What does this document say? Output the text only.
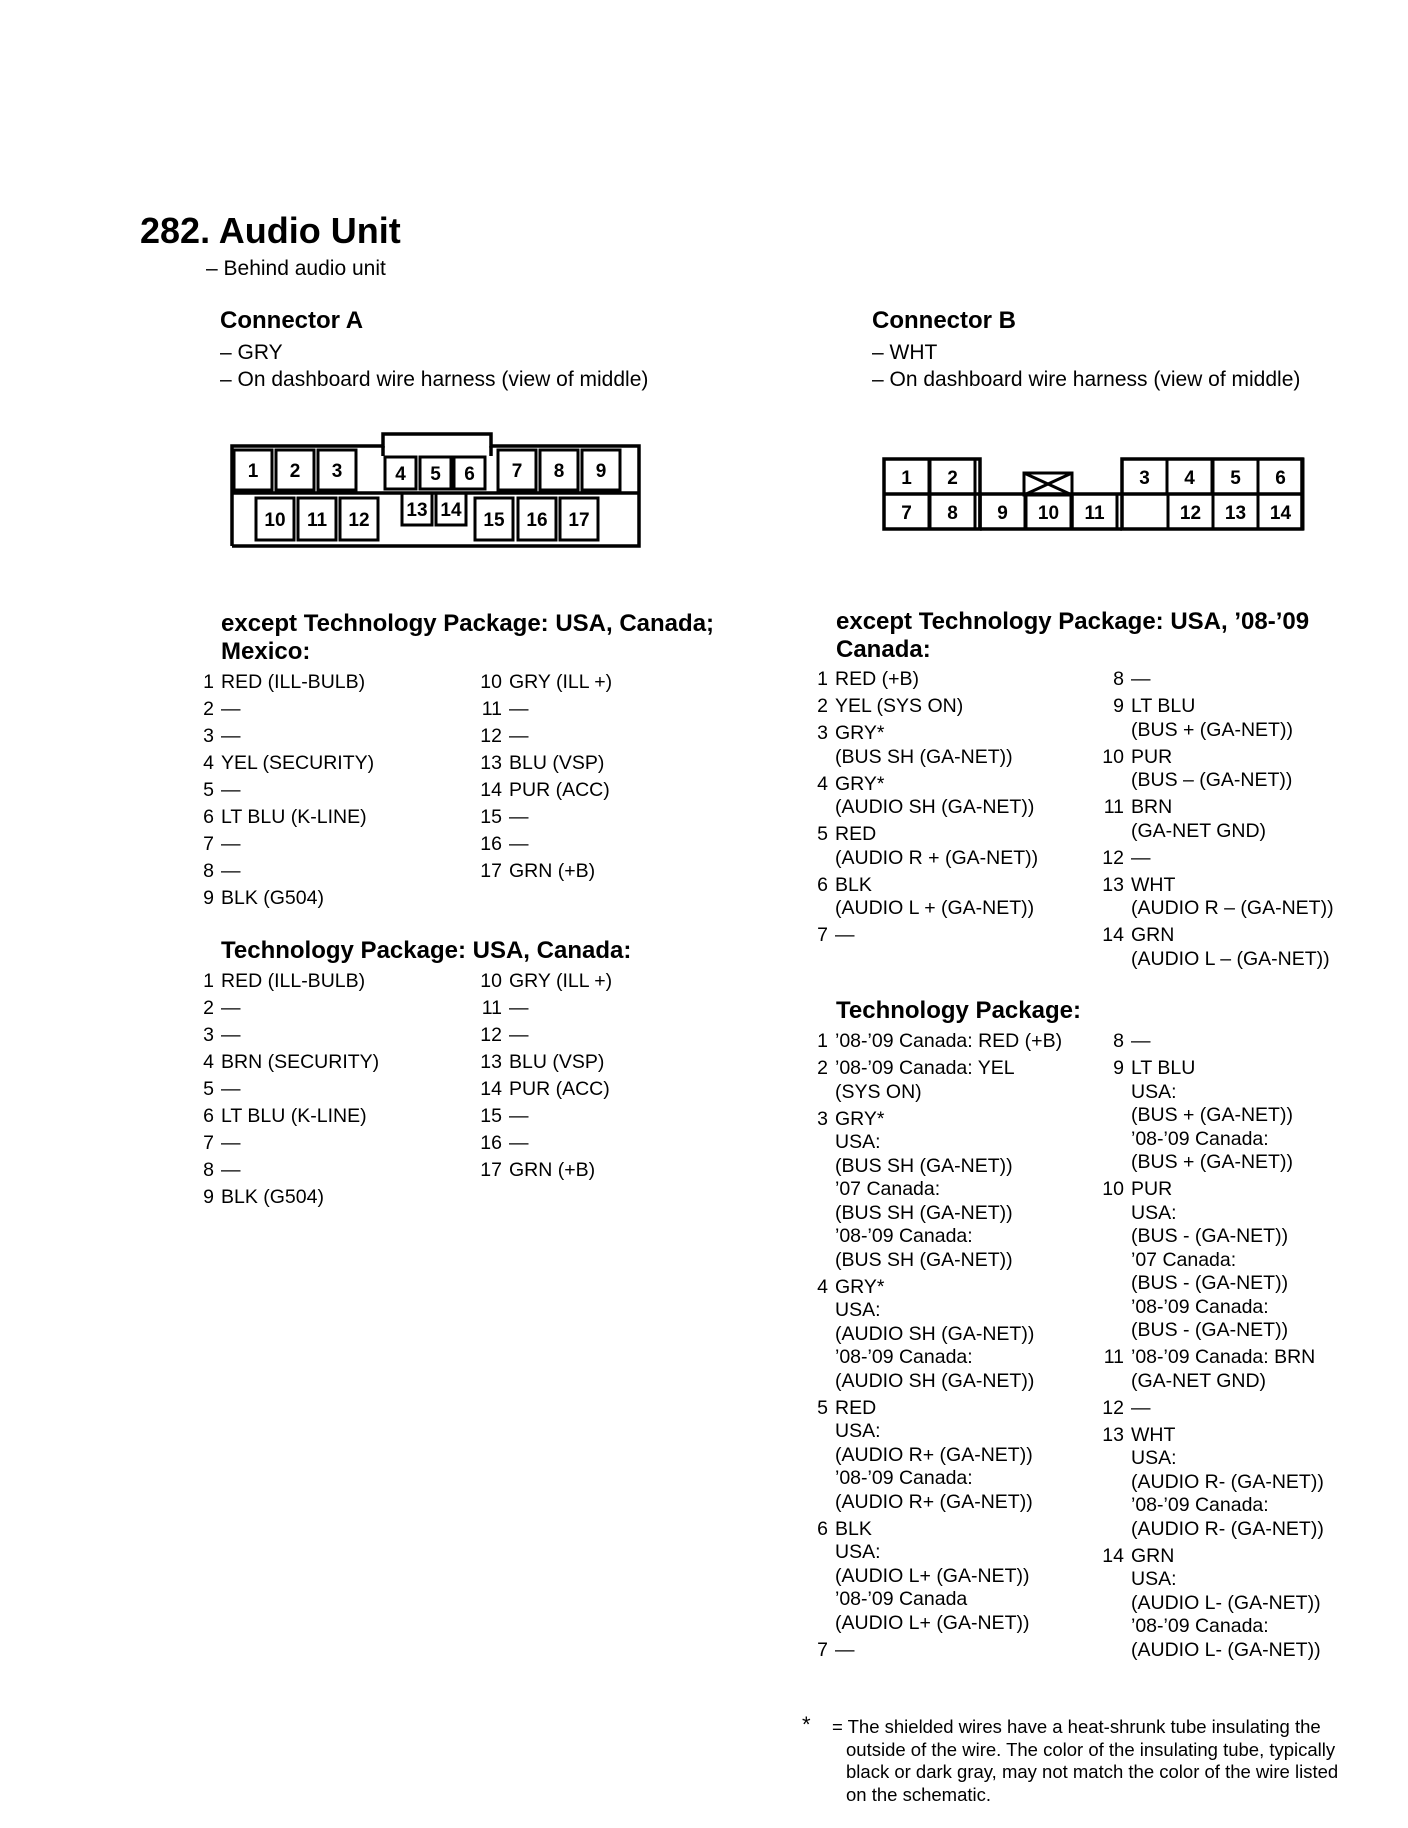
282. Audio Unit
– Behind audio unit
Connector A
– GRY
– On dashboard wire harness (view of middle)
Connector B
– WHT
– On dashboard wire harness (view of middle)
1 2 3	4 5 6 7 8 9
10 11 12 13 14 15 16 17
1 2	3 4 5 6
7 8 9 10 11	12 13 14
except Technology Package: USA, Canada; Mexico:
1 RED (ILL-BULB)
2 —
3 —
4 YEL (SECURITY)
5 —
6 LT BLU (K-LINE)
7 —
8 —
9 BLK (G504)
10 GRY (ILL +)
11 —
12 —
13 BLU (VSP)
14 PUR (ACC)
15 —
16 —
17 GRN (+B)
Technology Package: USA, Canada:
1 RED (ILL-BULB)
2 —
3 —
4 BRN (SECURITY)
5 —
6 LT BLU (K-LINE)
7 —
8 —
9 BLK (G504)
10 GRY (ILL +)
11 —
12 —
13 BLU (VSP)
14 PUR (ACC)
15 —
16 —
17 GRN (+B)
except Technology Package: USA, ’08-’09 Canada:
1 RED (+B)
2 YEL (SYS ON)
3 GRY*
(BUS SH (GA-NET))
4 GRY*
(AUDIO SH (GA-NET))
5 RED
(AUDIO R + (GA-NET))
6 BLK
(AUDIO L + (GA-NET))
7 —
8 —
9 LT BLU
(BUS + (GA-NET))
10 PUR
(BUS – (GA-NET))
11 BRN
(GA-NET GND)
12 —
13 WHT
(AUDIO R – (GA-NET))
14 GRN
(AUDIO L – (GA-NET))
Technology Package:
1 ’08-’09 Canada: RED (+B)
2 ’08-’09 Canada: YEL
(SYS ON)
3 GRY*
USA:
(BUS SH (GA-NET))
’07 Canada:
(BUS SH (GA-NET))
’08-’09 Canada:
(BUS SH (GA-NET))
4 GRY*
USA:
(AUDIO SH (GA-NET))
’08-’09 Canada:
(AUDIO SH (GA-NET))
5 RED
USA:
(AUDIO R+ (GA-NET))
’08-’09 Canada:
(AUDIO R+ (GA-NET))
6 BLK
USA:
(AUDIO L+ (GA-NET))
’08-’09 Canada
(AUDIO L+ (GA-NET))
7 —
8 —
9 LT BLU
USA:
(BUS + (GA-NET))
’08-’09 Canada:
(BUS + (GA-NET))
10 PUR
USA:
(BUS - (GA-NET))
’07 Canada:
(BUS - (GA-NET))
’08-’09 Canada:
(BUS - (GA-NET))
11 ’08-’09 Canada: BRN
(GA-NET GND)
12 —
13 WHT
USA:
(AUDIO R- (GA-NET))
’08-’09 Canada:
(AUDIO R- (GA-NET))
14 GRN
USA:
(AUDIO L- (GA-NET))
’08-’09 Canada:
(AUDIO L- (GA-NET))
* = The shielded wires have a heat-shrunk tube insulating the
outside of the wire. The color of the insulating tube, typically
black or dark gray, may not match the color of the wire listed
on the schematic.
